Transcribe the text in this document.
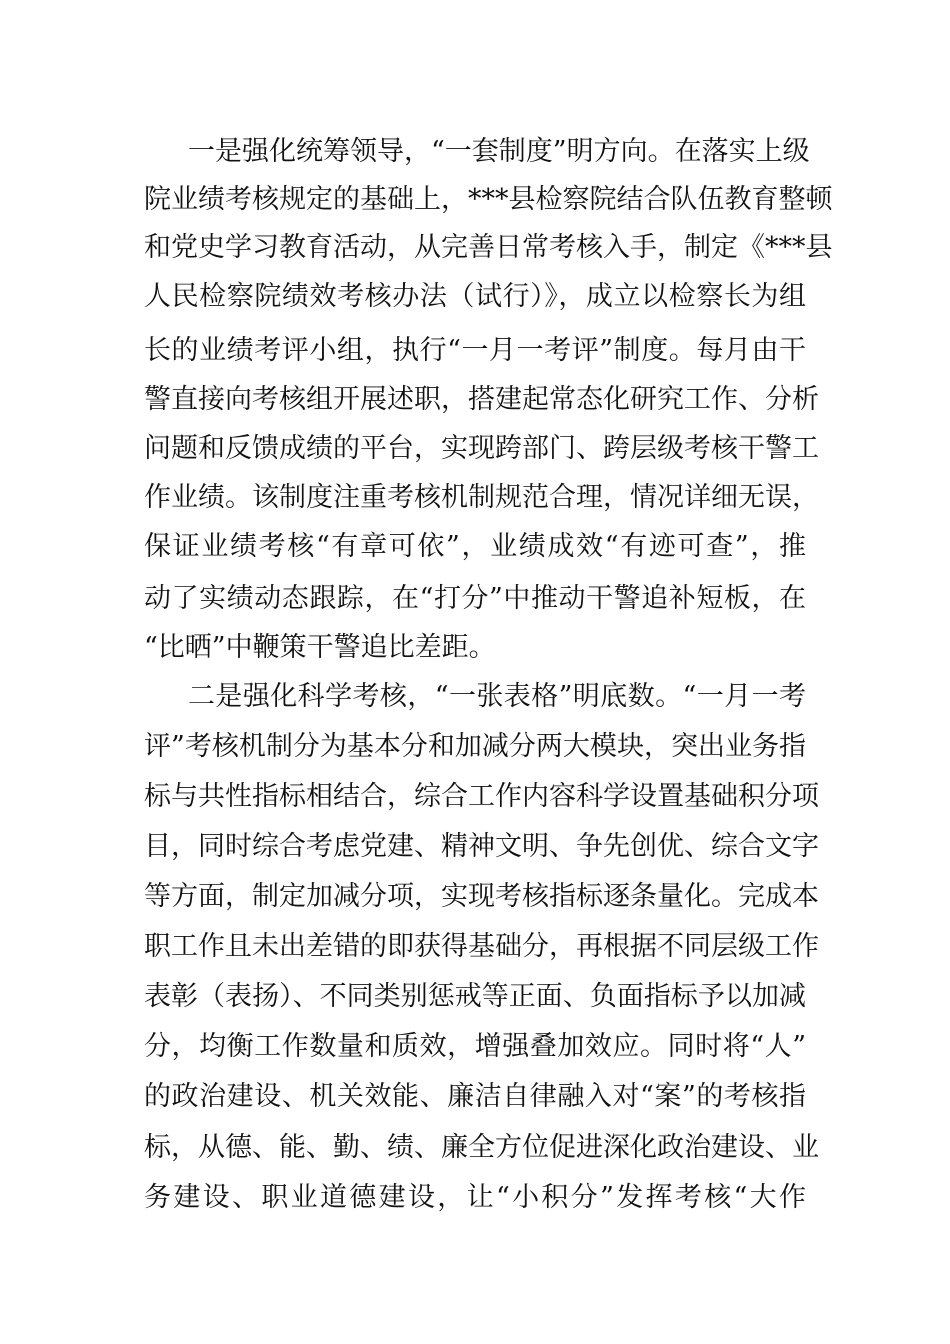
一是强化统筹领导，“一套制度”明方向。在落实上级
院业绩考核规定的基础上，***县检察院结合队伍教育整顿
和党史学习教育活动，从完善日常考核入手，制定《***县
人民检察院绩效考核办法（试行）》，成立以检察长为组
长的业绩考评小组，执行“一月一考评”制度。每月由干
警直接向考核组开展述职，搭建起常态化研究工作、分析
问题和反馈成绩的平台，实现跨部门、跨层级考核干警工
作业绩。该制度注重考核机制规范合理，情况详细无误，
保证业绩考核“有章可依”，业绩成效“有迹可查”，推
动了实绩动态跟踪，在“打分”中推动干警追补短板，在
“比晒”中鞭策干警追比差距。
二是强化科学考核，“一张表格”明底数。“一月一考
评”考核机制分为基本分和加减分两大模块，突出业务指
标与共性指标相结合，综合工作内容科学设置基础积分项
目，同时综合考虑党建、精神文明、争先创优、综合文字
等方面，制定加减分项，实现考核指标逐条量化。完成本
职工作且未出差错的即获得基础分，再根据不同层级工作
表彰（表扬）、不同类别惩戒等正面、负面指标予以加减
分，均衡工作数量和质效，增强叠加效应。同时将“人”
的政治建设、机关效能、廉洁自律融入对“案”的考核指
标，从德、能、勤、绩、廉全方位促进深化政治建设、业
务建设、职业道德建设，让“小积分”发挥考核“大作
